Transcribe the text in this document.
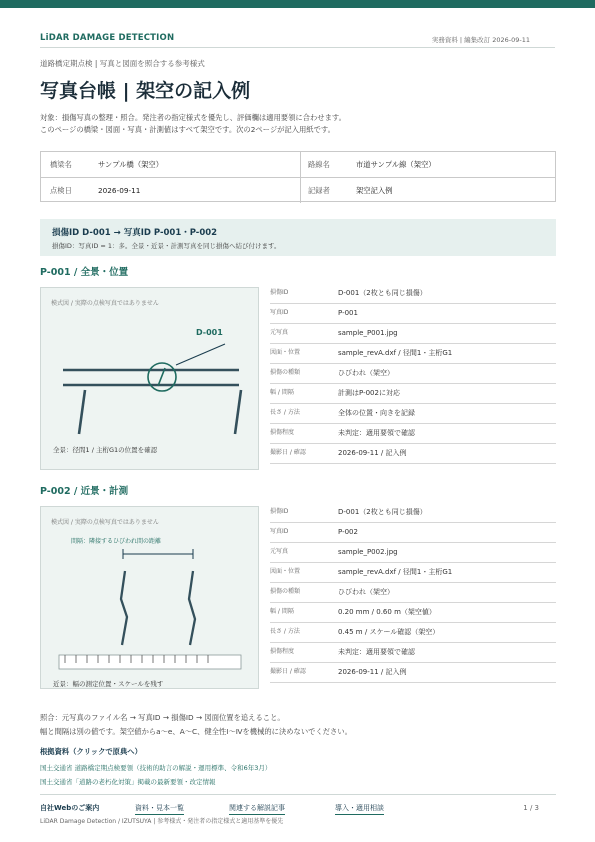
LiDAR DAMAGE DETECTION	実務資料 | 編集改訂 2026-09-11
道路橋定期点検 | 写真と図面を照合する参考様式
写真台帳 | 架空の記入例
対象：損傷写真の整理・照合。発注者の指定様式を優先し、評価欄は適用要領に合わせます。
このページの橋梁・図面・写真・計測値はすべて架空です。次の2ページが記入用紙です。
橋梁名	サンプル橋（架空）	路線名	市道サンプル線（架空）
点検日	2026-09-11	記録者	架空記入例
損傷ID D-001 → 写真ID P-001・P-002
損傷ID：写真ID = 1：多。全景・近景・計測写真を同じ損傷へ結び付けます。
P-001 / 全景・位置
模式図 / 実際の点検写真ではありません
D-001
全景：径間1 / 主桁G1の位置を確認
損傷ID	D-001（2枚とも同じ損傷）
写真ID	P-001
元写真	sample_P001.jpg
図面・位置	sample_revA.dxf / 径間1・主桁G1
損傷の種類	ひびわれ（架空）
幅 / 間隔	計測はP-002に対応
長さ / 方法	全体の位置・向きを記録
損傷程度	未判定：適用要領で確認
撮影日 / 確認	2026-09-11 / 記入例
P-002 / 近景・計測
模式図 / 実際の点検写真ではありません
間隔：隣接するひびわれ間の距離
近景：幅の測定位置・スケールを残す
損傷ID	D-001（2枚とも同じ損傷）
写真ID	P-002
元写真	sample_P002.jpg
図面・位置	sample_revA.dxf / 径間1・主桁G1
損傷の種類	ひびわれ（架空）
幅 / 間隔	0.20 mm / 0.60 m（架空値）
長さ / 方法	0.45 m / スケール確認（架空）
損傷程度	未判定：適用要領で確認
撮影日 / 確認	2026-09-11 / 記入例
照合：元写真のファイル名 → 写真ID → 損傷ID → 図面位置を追えること。
幅と間隔は別の値です。架空値からa〜e、A〜C、健全性Ⅰ〜Ⅳを機械的に決めないでください。
根拠資料（クリックで原典へ）
国土交通省 道路橋定期点検要領（技術的助言の解説・運用標準、令和6年3月）
国土交通省「道路の老朽化対策」掲載の最新要領・改定情報
自社Webのご案内	資料・見本一覧	関連する解説記事	導入・適用相談	1 / 3
LiDAR Damage Detection / IZUTSUYA | 参考様式・発注者の指定様式と適用基準を優先
